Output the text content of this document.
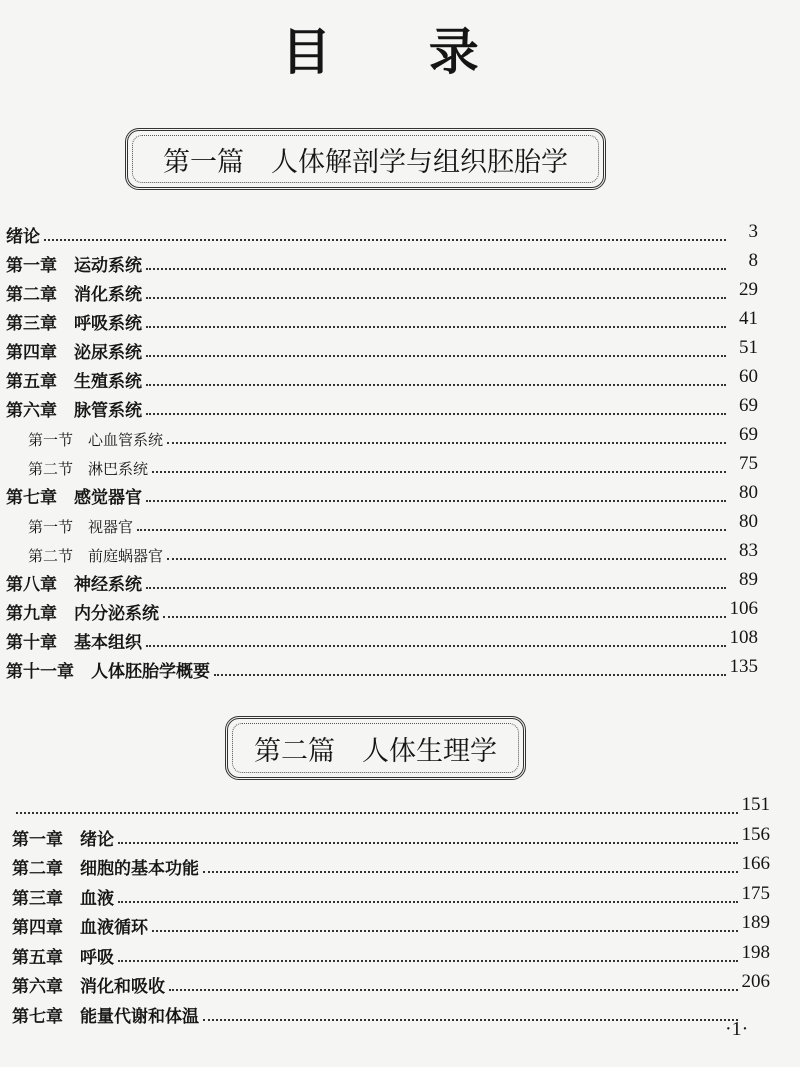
目 录
第一篇　人体解剖学与组织胚胎学
绪论	3
第一章　运动系统	8
第二章　消化系统	29
第三章　呼吸系统	41
第四章　泌尿系统	51
第五章　生殖系统	60
第六章　脉管系统	69
第一节　心血管系统	69
第二节　淋巴系统	75
第七章　感觉器官	80
第一节　视器官	80
第二节　前庭蜗器官	83
第八章　神经系统	89
第九章　内分泌系统	106
第十章　基本组织	108
第十一章　人体胚胎学概要	135
第二篇　人体生理学
151
第一章　绪论	156
第二章　细胞的基本功能	166
第三章　血液	175
第四章　血液循环	189
第五章　呼吸	198
第六章　消化和吸收	206
第七章　能量代谢和体温
·1·
